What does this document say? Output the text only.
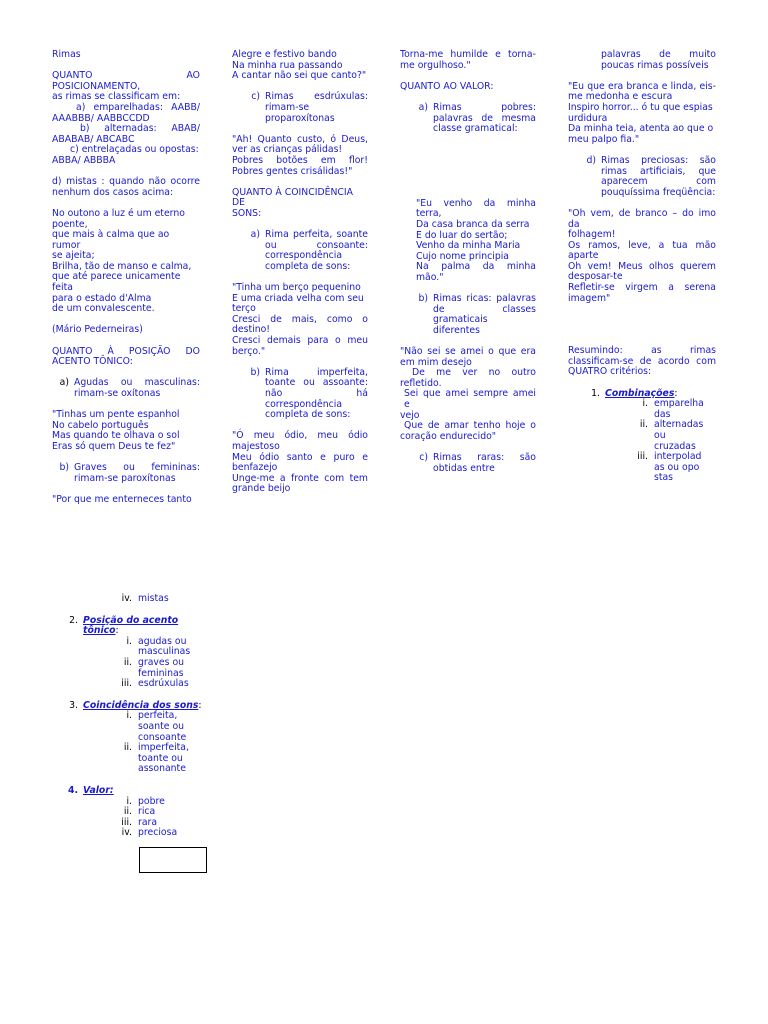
Rimas

QUANTO AO POSICIONAMENTO,

as rimas se classificam em:

a) emparelhadas: AABB/

AAABBB/ AABBCCDD

b) alternadas: ABAB/

ABABAB/ ABCABC

c) entrelaçadas ou opostas:

ABBA/ ABBBA

d) mistas : quando não ocorre

nenhum dos casos acima:

No outono a luz é um eterno

poente,

que mais à calma que ao rumor

se ajeita;

Brilha, tão de manso e calma,

que até parece unicamente

feita

para o estado d'Alma

de um convalescente.

(Mário Pederneiras)

QUANTO À POSIÇÃO DO

ACENTO TÔNICO:

a) Agudas ou masculinas: rimam-se oxítonas

"Tinhas um pente espanhol

No cabelo português

Mas quando te olhava o sol

Eras só quem Deus te fez"

b) Graves ou femininas: rimam-se paroxítonas

"Por que me enterneces tanto

Alegre e festivo bando

Na minha rua passando

A cantar não sei que canto?"

c) Rimas esdrúxulas: rimam-se proparoxítonas

"Ah! Quanto custo, ó Deus,

ver as crianças pálidas!

Pobres botões em flor!

Pobres gentes crisálidas!"

QUANTO À COINCIDÊNCIA DE

SONS:

a) Rima perfeita, soante ou consoante: correspondência completa de sons:

"Tinha um berço pequenino

E uma criada velha com seu

terço

Cresci de mais, como o

destino!

Cresci demais para o meu

berço."

b) Rima imperfeita, toante ou assoante: não há correspondência completa de sons:

"Ó meu ódio, meu ódio

majestoso

Meu ódio santo e puro e

benfazejo

Unge-me a fronte com tem

grande beijo

Torna-me humilde e torna-

me orgulhoso."

QUANTO AO VALOR:

a) Rimas pobres: palavras de mesma classe gramatical:

"Eu venho da minha

terra,

Da casa branca da serra

E do luar do sertão;

Venho da minha Maria

Cujo nome principia

Na palma da minha

mão."

b) Rimas ricas: palavras de classes gramaticais diferentes

"Não sei se amei o que era

em mim desejo

De me ver no outro

refletido.

Sei que amei sempre amei e

vejo

Que de amar tenho hoje o

coração endurecido"

c) Rimas raras: são obtidas entre

palavras de muito poucas rimas possíveis

"Eu que era branca e linda, eis-

me medonha e escura

Inspiro horror... ó tu que espias

urdidura

Da minha teia, atenta ao que o

meu palpo fia."

d) Rimas preciosas: são rimas artificiais, que aparecem com pouquíssima freqüência:

"Oh vem, de branco – do imo da

folhagem!

Os ramos, leve, a tua mão

aparte

Oh vem! Meus olhos querem

desposar-te

Refletir-se virgem a serena

imagem"

Resumindo: as rimas classificam-se de acordo com QUATRO critérios:

1. Combinações:
i. emparelhadas
ii. alternadas ou cruzadas
iii. interpoladas ou opostas
iv. mistas
2. Posição do acento tônico:
i. agudas ou masculinas
ii. graves ou femininas
iii. esdrúxulas
3. Coincidência dos sons:
i. perfeita, soante ou consoante
ii. imperfeita, toante ou assonante
4. Valor:
i. pobre
ii. rica
iii. rara
iv. preciosa
